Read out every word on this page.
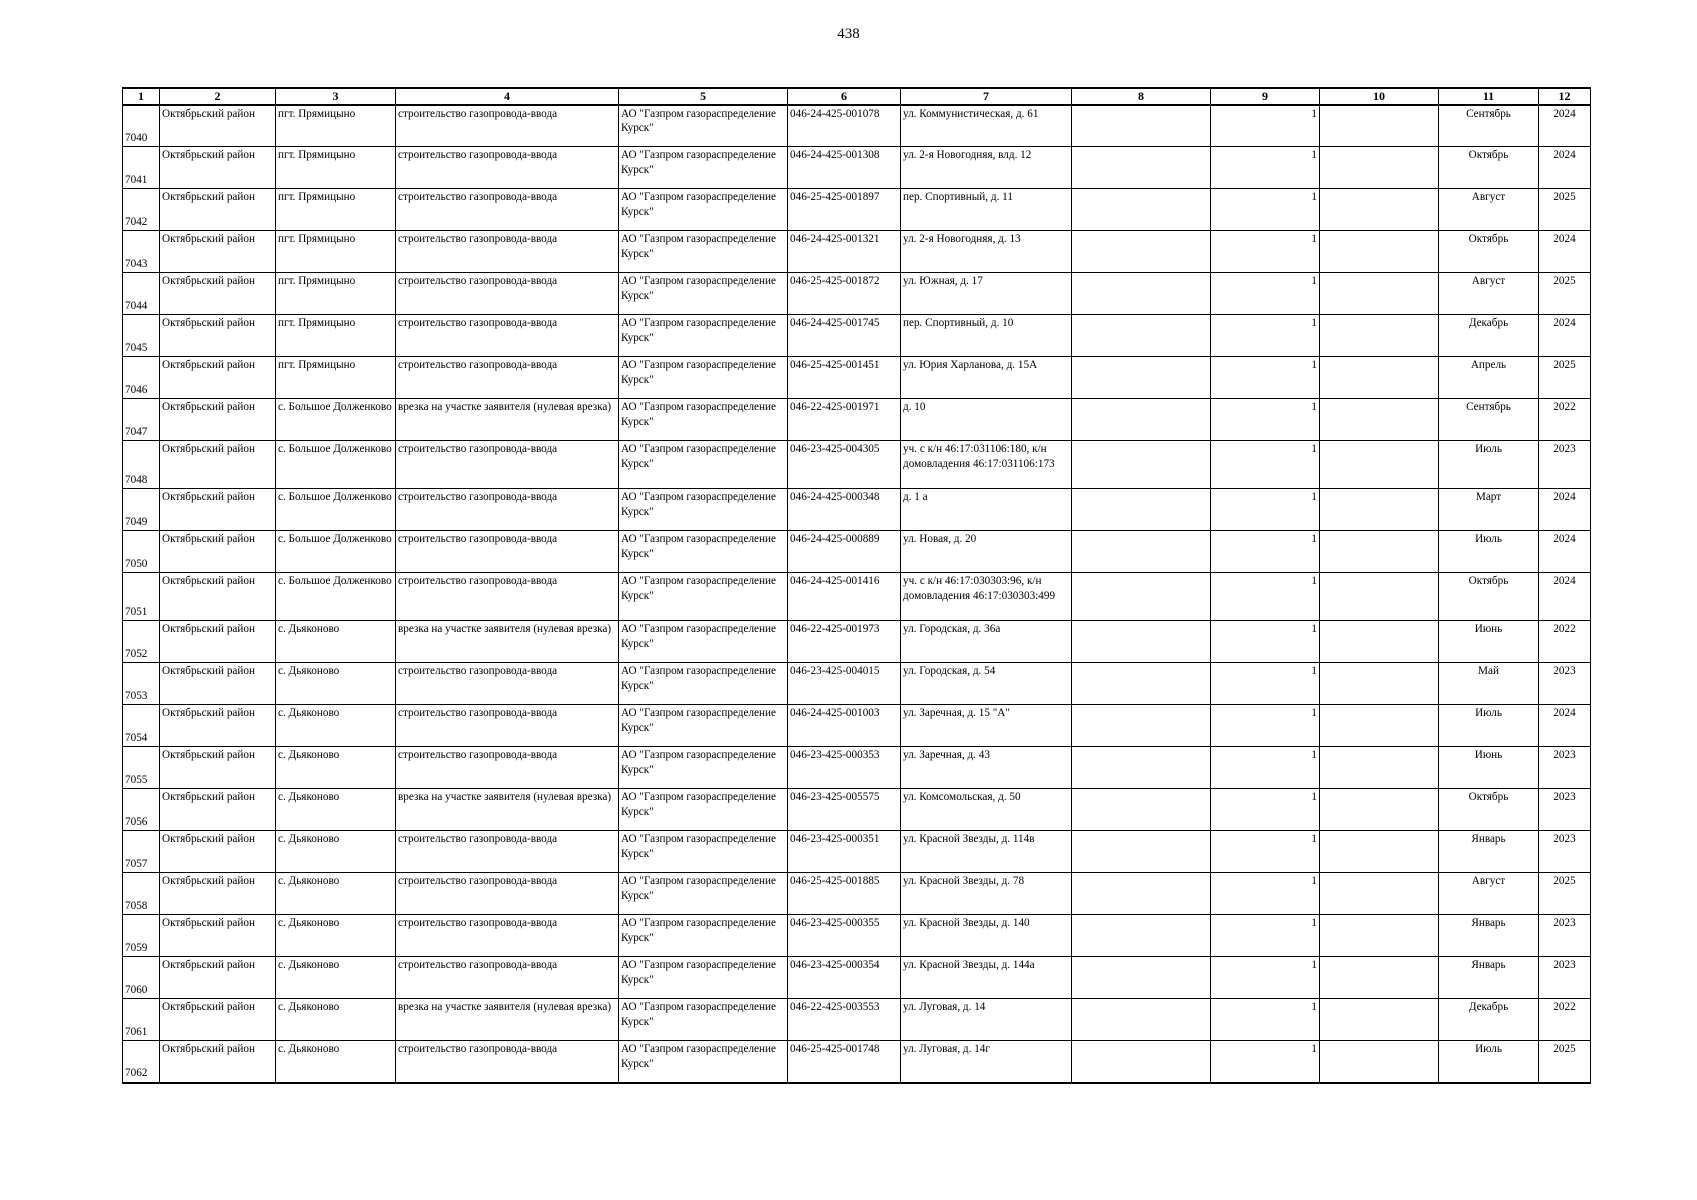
438
1	2	3	4	5	6	7	8	9	10	11	12
7040	Октябрьский район	пгт. Прямицыно	строительство газопровода-ввода	АО "Газпром газораспределение Курск"	046-24-425-001078	ул. Коммунистическая, д. 61		1		Сентябрь	2024
7041	Октябрьский район	пгт. Прямицыно	строительство газопровода-ввода	АО "Газпром газораспределение Курск"	046-24-425-001308	ул. 2-я Новогодняя, влд. 12		1		Октябрь	2024
7042	Октябрьский район	пгт. Прямицыно	строительство газопровода-ввода	АО "Газпром газораспределение Курск"	046-25-425-001897	пер. Спортивный, д. 11		1		Август	2025
7043	Октябрьский район	пгт. Прямицыно	строительство газопровода-ввода	АО "Газпром газораспределение Курск"	046-24-425-001321	ул. 2-я Новогодняя, д. 13		1		Октябрь	2024
7044	Октябрьский район	пгт. Прямицыно	строительство газопровода-ввода	АО "Газпром газораспределение Курск"	046-25-425-001872	ул. Южная, д. 17		1		Август	2025
7045	Октябрьский район	пгт. Прямицыно	строительство газопровода-ввода	АО "Газпром газораспределение Курск"	046-24-425-001745	пер. Спортивный, д. 10		1		Декабрь	2024
7046	Октябрьский район	пгт. Прямицыно	строительство газопровода-ввода	АО "Газпром газораспределение Курск"	046-25-425-001451	ул. Юрия Харланова, д. 15А		1		Апрель	2025
7047	Октябрьский район	с. Большое Долженково	врезка на участке заявителя (нулевая врезка)	АО "Газпром газораспределение Курск"	046-22-425-001971	д. 10		1		Сентябрь	2022
7048	Октябрьский район	с. Большое Долженково	строительство газопровода-ввода	АО "Газпром газораспределение Курск"	046-23-425-004305	уч. с к/н 46:17:031106:180, к/н домовладения 46:17:031106:173		1		Июль	2023
7049	Октябрьский район	с. Большое Долженково	строительство газопровода-ввода	АО "Газпром газораспределение Курск"	046-24-425-000348	д. 1 а		1		Март	2024
7050	Октябрьский район	с. Большое Долженково	строительство газопровода-ввода	АО "Газпром газораспределение Курск"	046-24-425-000889	ул. Новая, д. 20		1		Июль	2024
7051	Октябрьский район	с. Большое Долженково	строительство газопровода-ввода	АО "Газпром газораспределение Курск"	046-24-425-001416	уч. с к/н 46:17:030303:96, к/н домовладения 46:17:030303:499		1		Октябрь	2024
7052	Октябрьский район	с. Дьяконово	врезка на участке заявителя (нулевая врезка)	АО "Газпром газораспределение Курск"	046-22-425-001973	ул. Городская, д. 36а		1		Июнь	2022
7053	Октябрьский район	с. Дьяконово	строительство газопровода-ввода	АО "Газпром газораспределение Курск"	046-23-425-004015	ул. Городская, д. 54		1		Май	2023
7054	Октябрьский район	с. Дьяконово	строительство газопровода-ввода	АО "Газпром газораспределение Курск"	046-24-425-001003	ул. Заречная, д. 15 "А"		1		Июль	2024
7055	Октябрьский район	с. Дьяконово	строительство газопровода-ввода	АО "Газпром газораспределение Курск"	046-23-425-000353	ул. Заречная, д. 43		1		Июнь	2023
7056	Октябрьский район	с. Дьяконово	врезка на участке заявителя (нулевая врезка)	АО "Газпром газораспределение Курск"	046-23-425-005575	ул. Комсомольская, д. 50		1		Октябрь	2023
7057	Октябрьский район	с. Дьяконово	строительство газопровода-ввода	АО "Газпром газораспределение Курск"	046-23-425-000351	ул. Красной Звезды, д. 114в		1		Январь	2023
7058	Октябрьский район	с. Дьяконово	строительство газопровода-ввода	АО "Газпром газораспределение Курск"	046-25-425-001885	ул. Красной Звезды, д. 78		1		Август	2025
7059	Октябрьский район	с. Дьяконово	строительство газопровода-ввода	АО "Газпром газораспределение Курск"	046-23-425-000355	ул. Красной Звезды, д. 140		1		Январь	2023
7060	Октябрьский район	с. Дьяконово	строительство газопровода-ввода	АО "Газпром газораспределение Курск"	046-23-425-000354	ул. Красной Звезды, д. 144а		1		Январь	2023
7061	Октябрьский район	с. Дьяконово	врезка на участке заявителя (нулевая врезка)	АО "Газпром газораспределение Курск"	046-22-425-003553	ул. Луговая, д. 14		1		Декабрь	2022
7062	Октябрьский район	с. Дьяконово	строительство газопровода-ввода	АО "Газпром газораспределение Курск"	046-25-425-001748	ул. Луговая, д. 14г		1		Июль	2025
